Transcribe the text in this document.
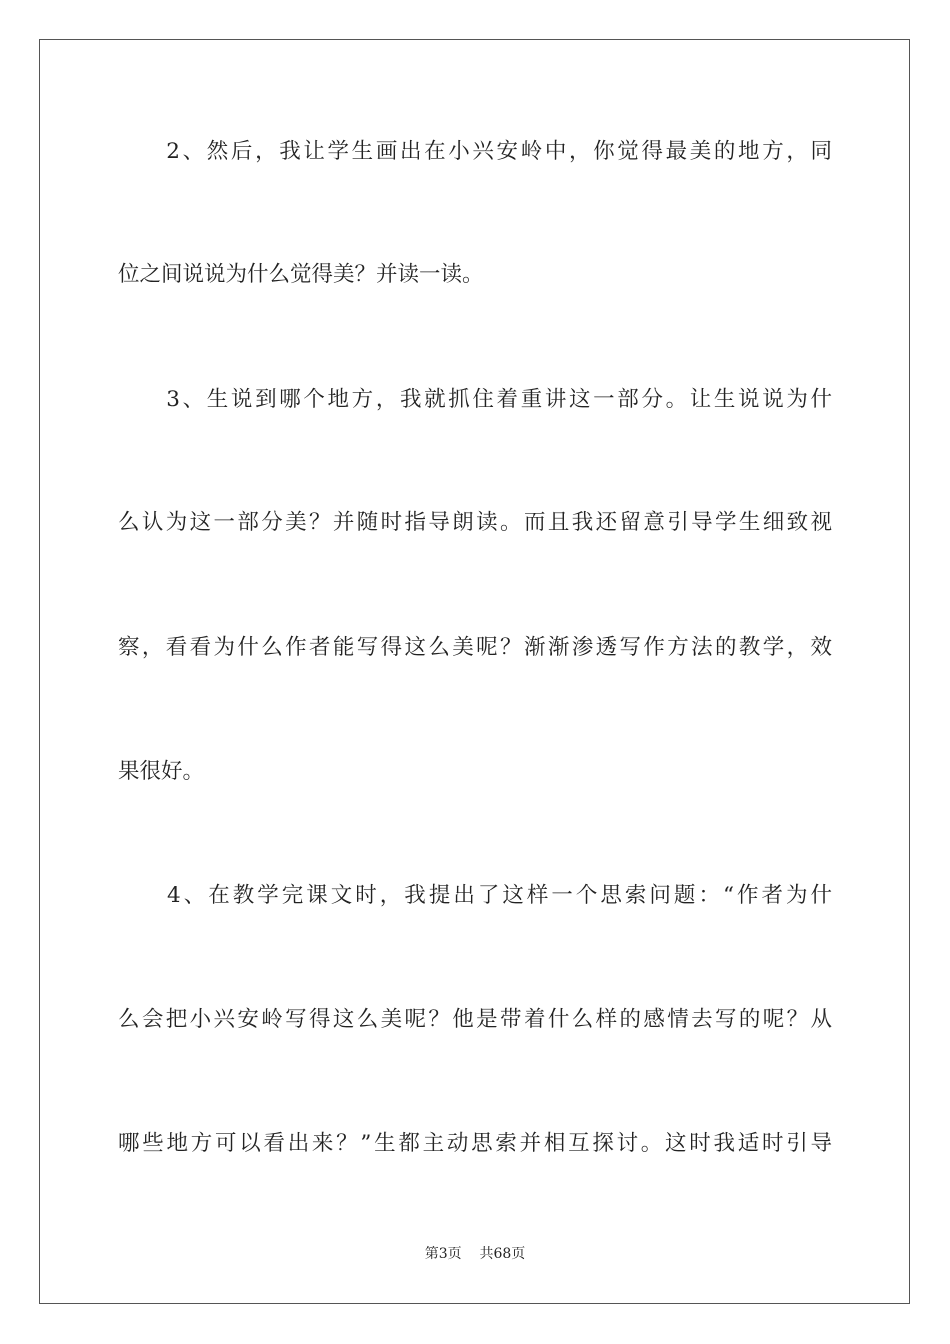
　　2、然后，我让学生画出在小兴安岭中，你觉得最美的地方，同
位之间说说为什么觉得美？并读一读。
　　3、生说到哪个地方，我就抓住着重讲这一部分。让生说说为什
么认为这一部分美？并随时指导朗读。而且我还留意引导学生细致视
察，看看为什么作者能写得这么美呢？渐渐渗透写作方法的教学，效
果很好。
　　4、在教学完课文时，我提出了这样一个思索问题：“作者为什
么会把小兴安岭写得这么美呢？他是带着什么样的感情去写的呢？从
哪些地方可以看出来？”生都主动思索并相互探讨。这时我适时引导
第3页 共68页
